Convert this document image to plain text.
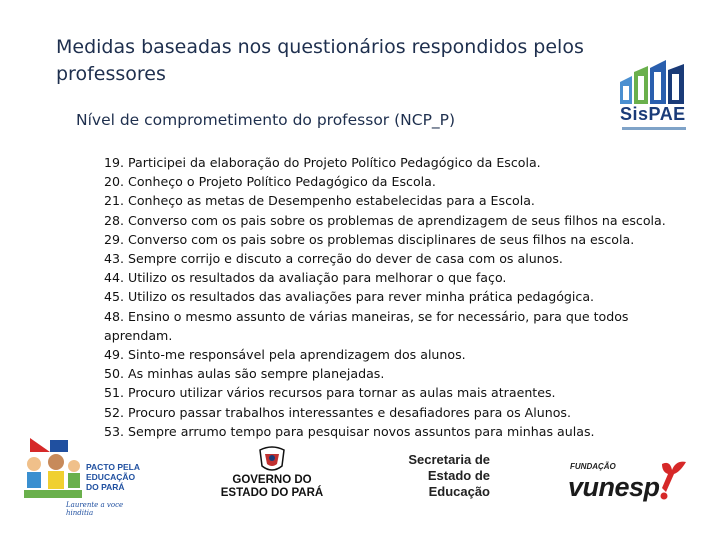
Medidas baseadas nos questionários respondidos pelos professores
Nível de comprometimento do professor (NCP_P)
19. Participei da elaboração do Projeto Político Pedagógico da Escola.
20. Conheço o Projeto Político Pedagógico da Escola.
21. Conheço as metas de Desempenho estabelecidas para a Escola.
28. Converso com os pais sobre os problemas de aprendizagem de seus filhos na escola.
29. Converso com os pais sobre os problemas disciplinares de seus filhos na escola.
43. Sempre corrijo e discuto a correção do dever de casa com os alunos.
44. Utilizo os resultados da avaliação para melhorar o que faço.
45. Utilizo os resultados das avaliações para rever minha prática pedagógica.
48. Ensino o mesmo assunto de várias maneiras, se for necessário, para que todos aprendam.
49. Sinto-me responsável pela aprendizagem dos alunos.
50. As minhas aulas são sempre planejadas.
51. Procuro utilizar vários recursos para tornar as aulas mais atraentes.
52. Procuro passar trabalhos interessantes e desafiadores para os Alunos.
53. Sempre arrumo tempo para pesquisar novos assuntos para minhas aulas.
SisPAE
PACTO PELA EDUCAÇÃO DO PARÁ
Laurente a voce hinditia
GOVERNO DO ESTADO DO PARÁ
Secretaria de
Estado de
Educação
FUNDAÇÃO
vunesp
